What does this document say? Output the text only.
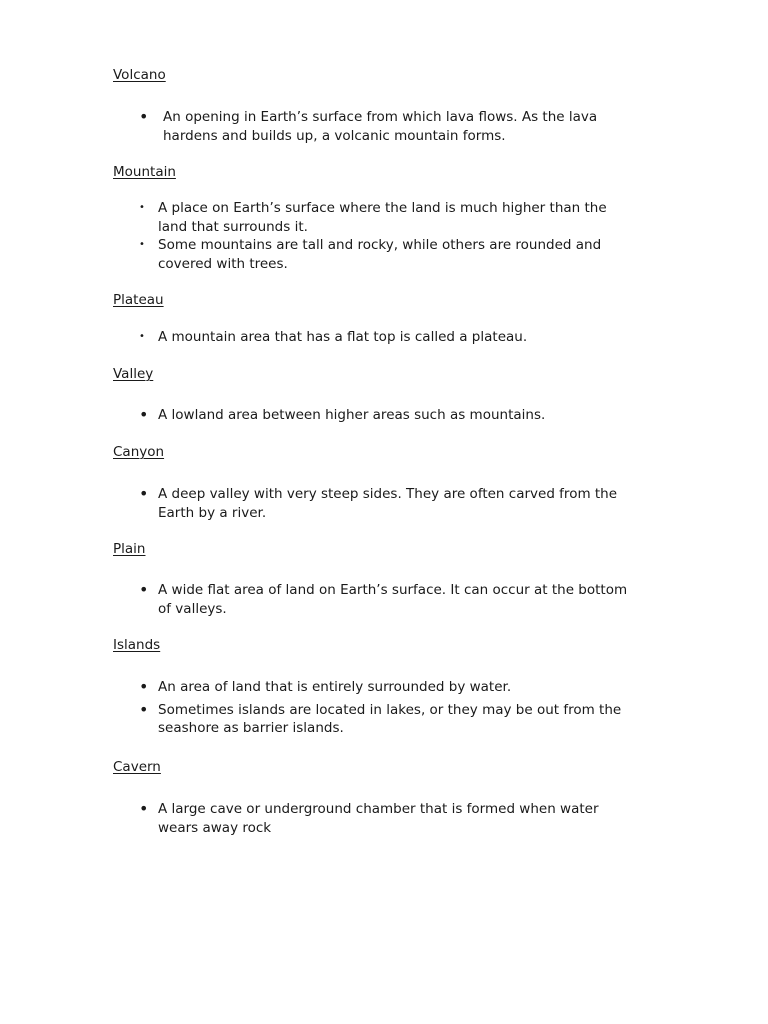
Volcano
• An opening in Earth’s surface from which lava flows. As the lava hardens and builds up, a volcanic mountain forms.
Mountain
• A place on Earth’s surface where the land is much higher than the land that surrounds it.
• Some mountains are tall and rocky, while others are rounded and covered with trees.
Plateau
• A mountain area that has a flat top is called a plateau.
Valley
• A lowland area between higher areas such as mountains.
Canyon
• A deep valley with very steep sides. They are often carved from the Earth by a river.
Plain
• A wide flat area of land on Earth’s surface. It can occur at the bottom of valleys.
Islands
• An area of land that is entirely surrounded by water.
• Sometimes islands are located in lakes, or they may be out from the seashore as barrier islands.
Cavern
• A large cave or underground chamber that is formed when water wears away rock
